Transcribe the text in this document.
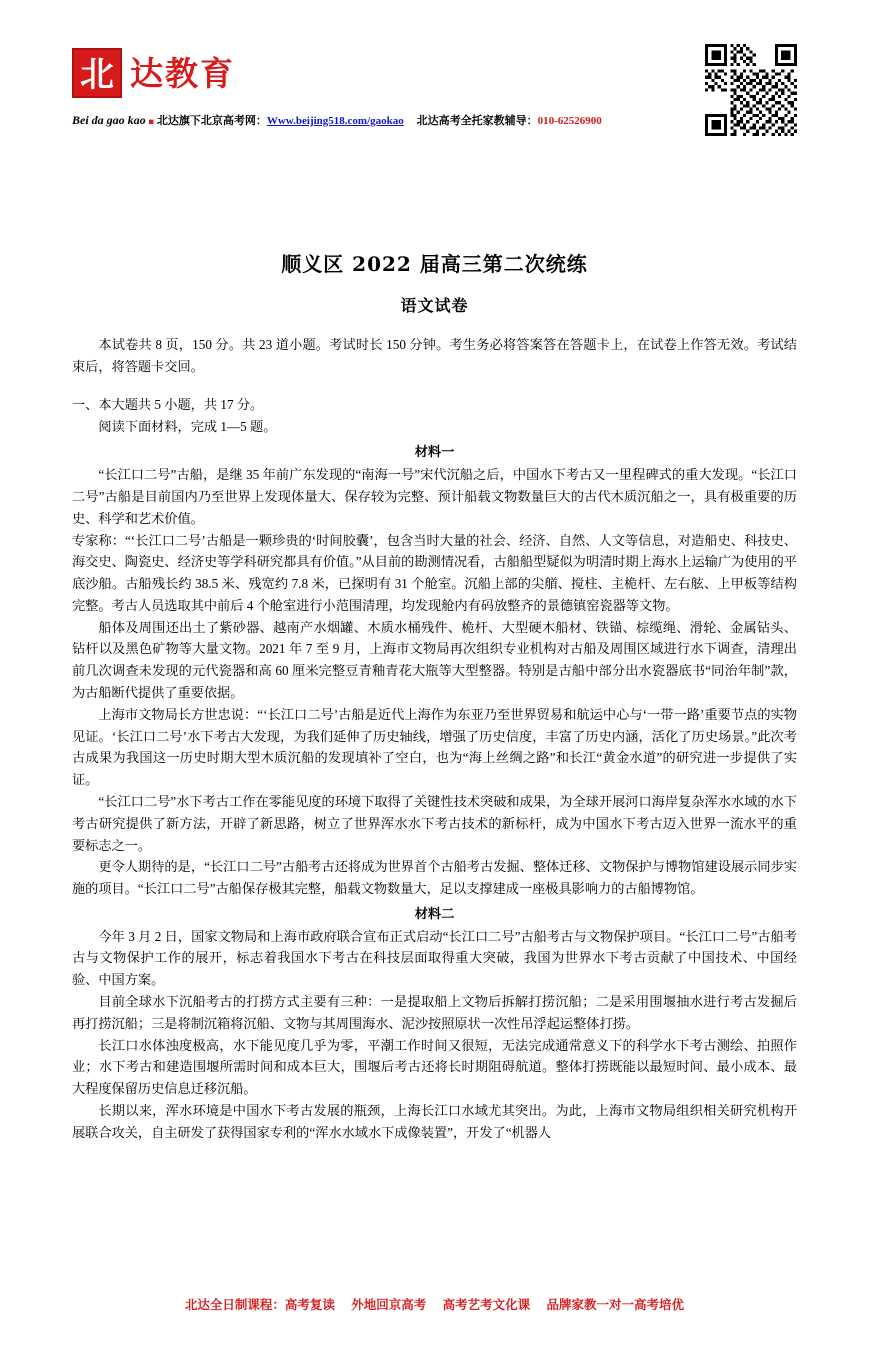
北 达教育
Bei da gao kao ■ 北达旗下北京高考网：Www.beijing518.com/gaokao 北达高考全托家教辅导：010-62526900
顺义区 2022 届高三第二次统练
语文试卷

本试卷共 8 页，150 分。共 23 道小题。考试时长 150 分钟。考生务必将答案答在答题卡上，在试卷上作答无效。考试结束后，将答题卡交回。

一、本大题共 5 小题，共 17 分。

阅读下面材料，完成 1—5 题。

材料一

“长江口二号”古船，是继 35 年前广东发现的“南海一号”宋代沉船之后，中国水下考古又一里程碑式的重大发现。“长江口二号”古船是目前国内乃至世界上发现体量大、保存较为完整、预计船载文物数量巨大的古代木质沉船之一，具有极重要的历史、科学和艺术价值。

专家称：“‘长江口二号’古船是一颗珍贵的‘时间胶囊’，包含当时大量的社会、经济、自然、人文等信息，对造船史、科技史、海交史、陶瓷史、经济史等学科研究都具有价值。”从目前的勘测情况看，古船船型疑似为明清时期上海水上运输广为使用的平底沙船。古船残长约 38.5 米、残宽约 7.8 米，已探明有 31 个舱室。沉船上部的尖艏、搅柱、主桅杆、左右舷、上甲板等结构完整。考古人员选取其中前后 4 个舱室进行小范围清理，均发现舱内有码放整齐的景德镇窑瓷器等文物。

船体及周围还出土了紫砂器、越南产水烟罐、木质水桶残件、桅杆、大型硬木船材、铁锚、棕缆绳、滑轮、金属钻头、钻杆以及黑色矿物等大量文物。2021 年 7 至 9 月，上海市文物局再次组织专业机构对古船及周围区域进行水下调查，清理出前几次调查未发现的元代瓷器和高 60 厘米完整豆青釉青花大瓶等大型整器。特别是古船中部分出水瓷器底书“同治年制”款，为古船断代提供了重要依据。

上海市文物局长方世忠说：“‘长江口二号’古船是近代上海作为东亚乃至世界贸易和航运中心与‘一带一路’重要节点的实物见证。‘长江口二号’水下考古大发现，为我们延伸了历史轴线，增强了历史信度，丰富了历史内涵，活化了历史场景。”此次考古成果为我国这一历史时期大型木质沉船的发现填补了空白，也为“海上丝绸之路”和长江“黄金水道”的研究进一步提供了实证。

“长江口二号”水下考古工作在零能见度的环境下取得了关键性技术突破和成果，为全球开展河口海岸复杂浑水水域的水下考古研究提供了新方法，开辟了新思路，树立了世界浑水水下考古技术的新标杆，成为中国水下考古迈入世界一流水平的重要标志之一。

更令人期待的是，“长江口二号”古船考古还将成为世界首个古船考古发掘、整体迁移、文物保护与博物馆建设展示同步实施的项目。“长江口二号”古船保存极其完整，船载文物数量大，足以支撑建成一座极具影响力的古船博物馆。

材料二

今年 3 月 2 日，国家文物局和上海市政府联合宣布正式启动“长江口二号”古船考古与文物保护项目。“长江口二号”古船考古与文物保护工作的展开，标志着我国水下考古在科技层面取得重大突破，我国为世界水下考古贡献了中国技术、中国经验、中国方案。

目前全球水下沉船考古的打捞方式主要有三种：一是提取船上文物后拆解打捞沉船；二是采用围堰抽水进行考古发掘后再打捞沉船；三是将制沉箱将沉船、文物与其周围海水、泥沙按照原状一次性吊浮起运整体打捞。

长江口水体浊度极高，水下能见度几乎为零，平潮工作时间又很短，无法完成通常意义下的科学水下考古测绘、拍照作业；水下考古和建造围堰所需时间和成本巨大，围堰后考古还将长时期阻碍航道。整体打捞既能以最短时间、最小成本、最大程度保留历史信息迁移沉船。

长期以来，浑水环境是中国水下考古发展的瓶颈，上海长江口水域尤其突出。为此，上海市文物局组织相关研究机构开展联合攻关，自主研发了获得国家专利的“浑水水域水下成像装置”，开发了“机器人

北达全日制课程：高考复读 外地回京高考 高考艺考文化课 品牌家教一对一高考培优
